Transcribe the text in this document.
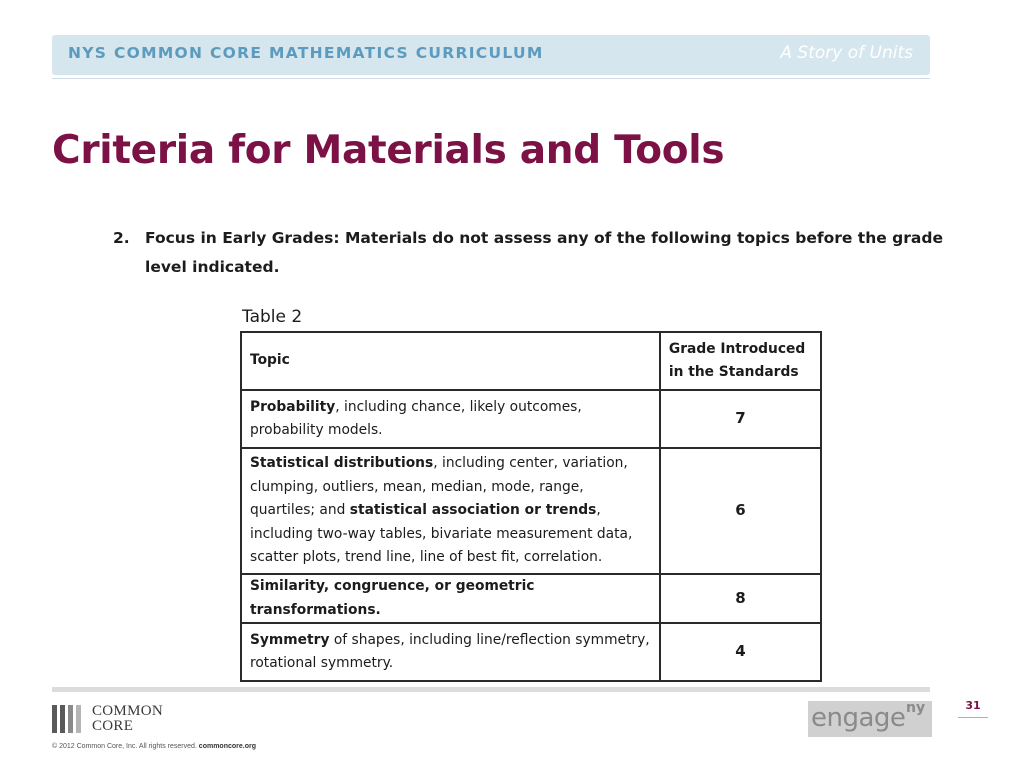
NYS COMMON CORE MATHEMATICS CURRICULUM	A Story of Units
Criteria for Materials and Tools
2. Focus in Early Grades: Materials do not assess any of the following topics before the grade level indicated.
Table 2
Topic	Grade Introduced in the Standards
Probability, including chance, likely outcomes, probability models.	7
Statistical distributions, including center, variation, clumping, outliers, mean, median, mode, range, quartiles; and statistical association or trends, including two-way tables, bivariate measurement data, scatter plots, trend line, line of best fit, correlation.	6
Similarity, congruence, or geometric transformations.	8
Symmetry of shapes, including line/reflection symmetry, rotational symmetry.	4
COMMON
CORE
© 2012 Common Core, Inc. All rights reserved. commoncore.org
engage ny	31
